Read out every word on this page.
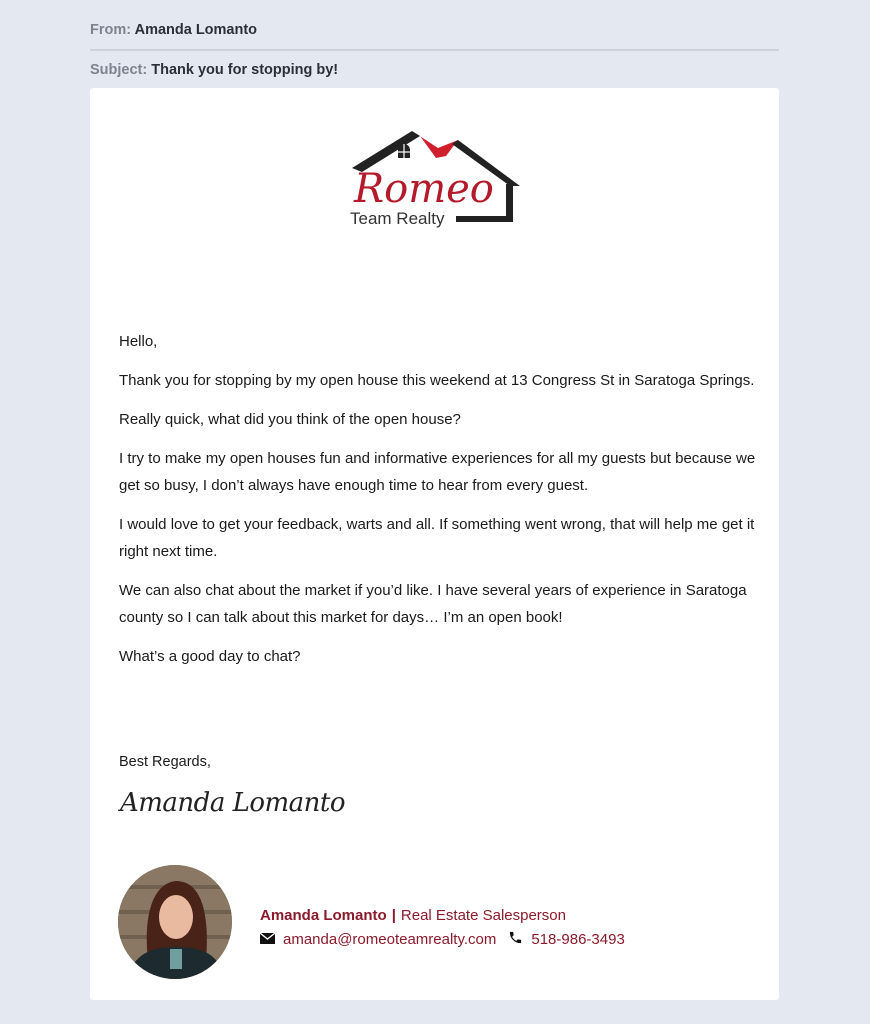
From: Amanda Lomanto
Subject: Thank you for stopping by!
Romeo
Team Realty

Hello,

Thank you for stopping by my open house this weekend at 13 Congress St in Saratoga Springs.

Really quick, what did you think of the open house?

I try to make my open houses fun and informative experiences for all my guests but because we get so busy, I don’t always have enough time to hear from every guest.

I would love to get your feedback, warts and all. If something went wrong, that will help me get it right next time.

We can also chat about the market if you’d like. I have several years of experience in Saratoga county so I can talk about this market for days… I’m an open book!

What’s a good day to chat?

Best Regards,
Amanda Lomanto
Amanda Lomanto | Real Estate Salesperson
amanda@romeoteamrealty.com 518-986-3493
